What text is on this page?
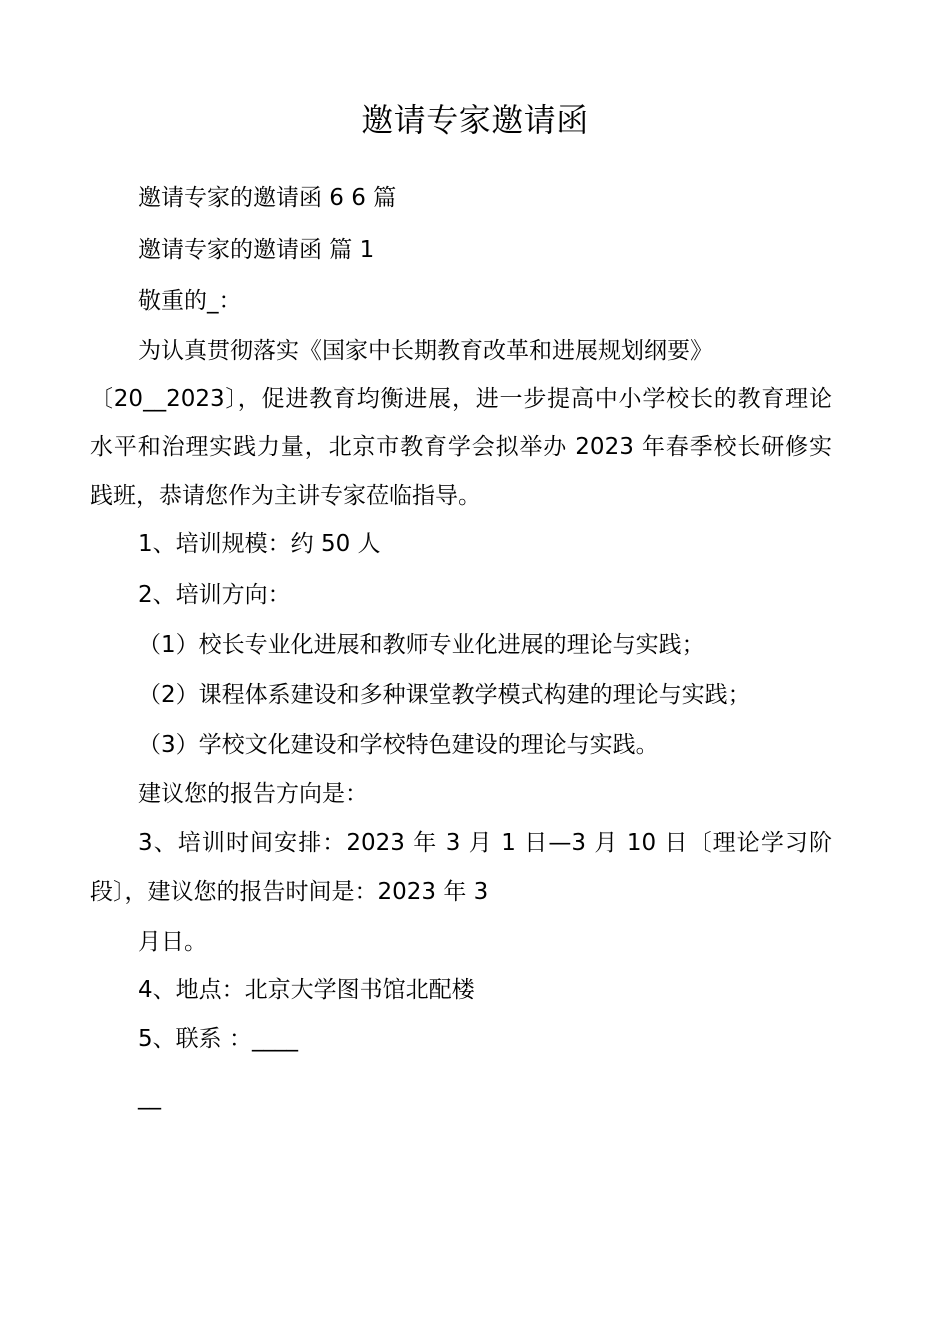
邀请专家邀请函
邀请专家的邀请函 6 6 篇
邀请专家的邀请函 篇 1
敬重的_：
为认真贯彻落实《国家中长期教育改革和进展规划纲要》
〔20__2023〕，促进教育均衡进展，进一步提高中小学校长的教育理论
水平和治理实践力量，北京市教育学会拟举办 2023 年春季校长研修实
践班，恭请您作为主讲专家莅临指导。
1、培训规模：约 50 人
2、培训方向：
（1）校长专业化进展和教师专业化进展的理论与实践；
（2）课程体系建设和多种课堂教学模式构建的理论与实践；
（3）学校文化建设和学校特色建设的理论与实践。
建议您的报告方向是：
3、培训时间安排：2023 年 3 月 1 日—3 月 10 日〔理论学习阶
段〕，建议您的报告时间是：2023 年 3
月日。
4、地点：北京大学图书馆北配楼
5、联系 ：____
__
